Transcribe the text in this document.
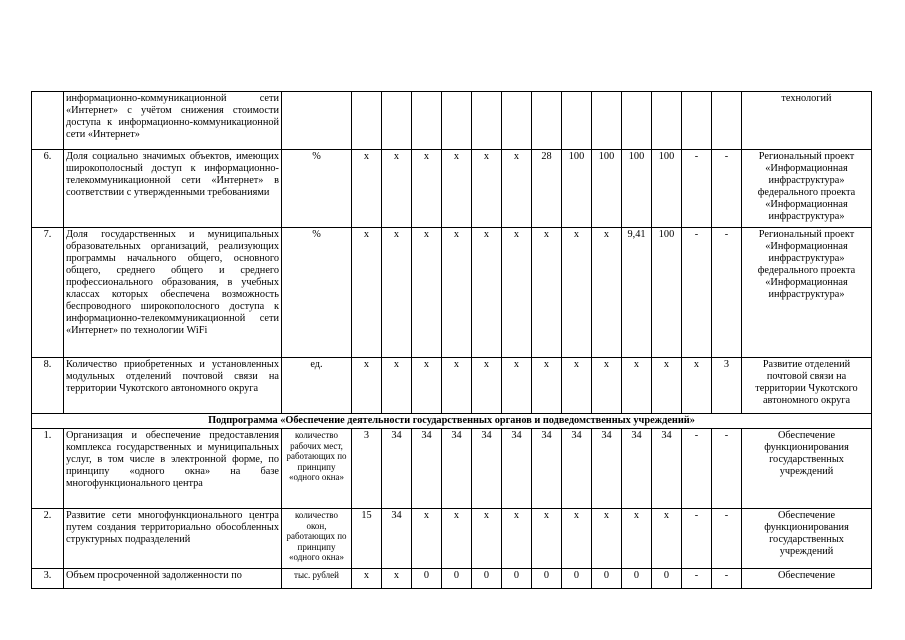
	информационно-коммуникационной сети «Интернет» с учётом снижения стоимости доступа к информационно-коммуникационной сети «Интернет»															технологий
6.	Доля социально значимых объектов, имеющих широкополосный доступ к информационно-телекоммуникационной сети «Интернет» в соответствии с утвержденными требованиями	%	x	x	x	x	x	x	28	100	100	100	100	-	-	Региональный проект «Информационная инфраструктура» федерального проекта «Информационная инфраструктура»
7.	Доля государственных и муниципальных образовательных организаций, реализующих программы начального общего, основного общего, среднего общего и среднего профессионального образования, в учебных классах которых обеспечена возможность беспроводного широкополосного доступа к информационно-телекоммуникационной сети «Интернет» по технологии WiFi	%	x	x	x	x	x	x	x	x	x	9,41	100	-	-	Региональный проект «Информационная инфраструктура» федерального проекта «Информационная инфраструктура»
8.	Количество приобретенных и установленных модульных отделений почтовой связи на территории Чукотского автономного округа	ед.	x	x	x	x	x	x	x	x	x	x	x	x	3	Развитие отделений почтовой связи на территории Чукотского автономного округа
Подпрограмма «Обеспечение деятельности государственных органов и подведомственных учреждений»																
1.	Организация и обеспечение предоставления комплекса государственных и муниципальных услуг, в том числе в электронной форме, по принципу «одного окна» на базе многофункционального центра	количество рабочих мест, работающих по принципу «одного окна»	3	34	34	34	34	34	34	34	34	34	34	-	-	Обеспечение функционирования государственных учреждений
2.	Развитие сети многофункционального центра путем создания территориально обособленных структурных подразделений	количество окон, работающих по принципу «одного окна»	15	34	x	x	x	x	x	x	x	x	x	-	-	Обеспечение функционирования государственных учреждений
3.	Объем просроченной задолженности по	тыс. рублей	x	x	0	0	0	0	0	0	0	0	0	-	-	Обеспечение
